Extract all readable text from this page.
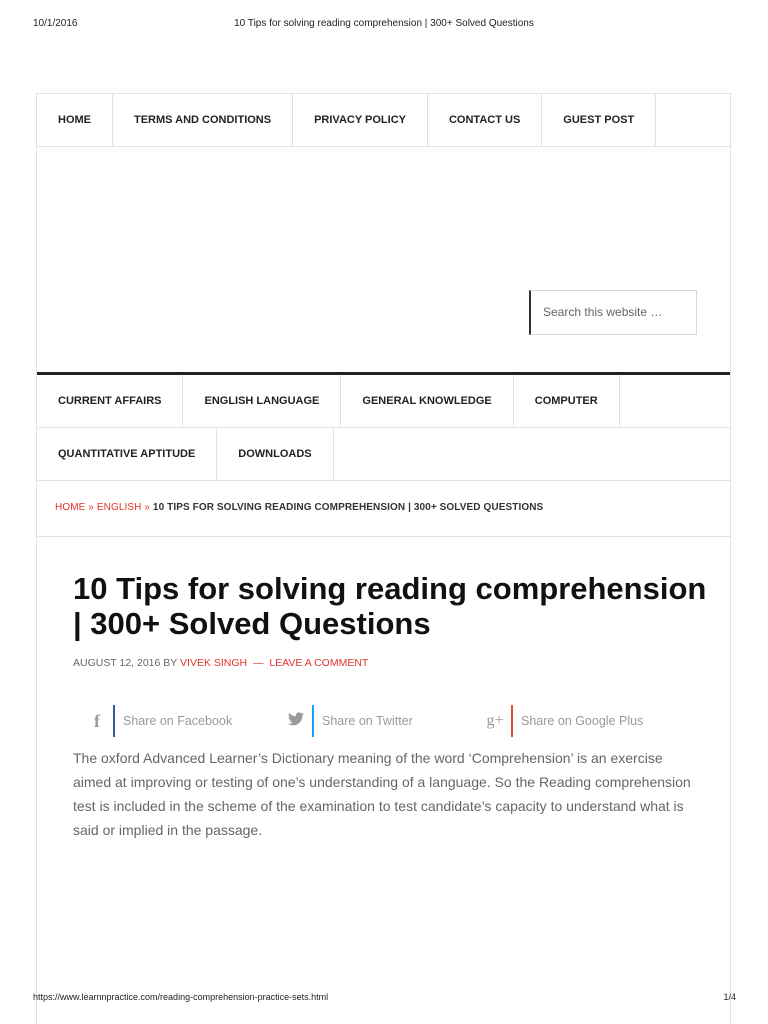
10/1/2016	10 Tips for solving reading comprehension | 300+ Solved Questions
HOME	TERMS AND CONDITIONS	PRIVACY POLICY	CONTACT US	GUEST POST
Search this website …
CURRENT AFFAIRS	ENGLISH LANGUAGE	GENERAL KNOWLEDGE	COMPUTER
QUANTITATIVE APTITUDE	DOWNLOADS
HOME » ENGLISH » 10 TIPS FOR SOLVING READING COMPREHENSION | 300+ SOLVED QUESTIONS
10 Tips for solving reading comprehension | 300+ Solved Questions
AUGUST 12, 2016 BY VIVEK SINGH — LEAVE A COMMENT
f	Share on Facebook	Share on Twitter	g+ Share on Google Plus

The oxford Advanced Learner’s Dictionary meaning of the word ‘Comprehension’ is an exercise aimed at improving or testing of one’s understanding of a language. So the Reading comprehension test is included in the scheme of the examination to test candidate’s capacity to understand what is said or implied in the passage.

https://www.learnnpractice.com/reading-comprehension-practice-sets.html	1/4
